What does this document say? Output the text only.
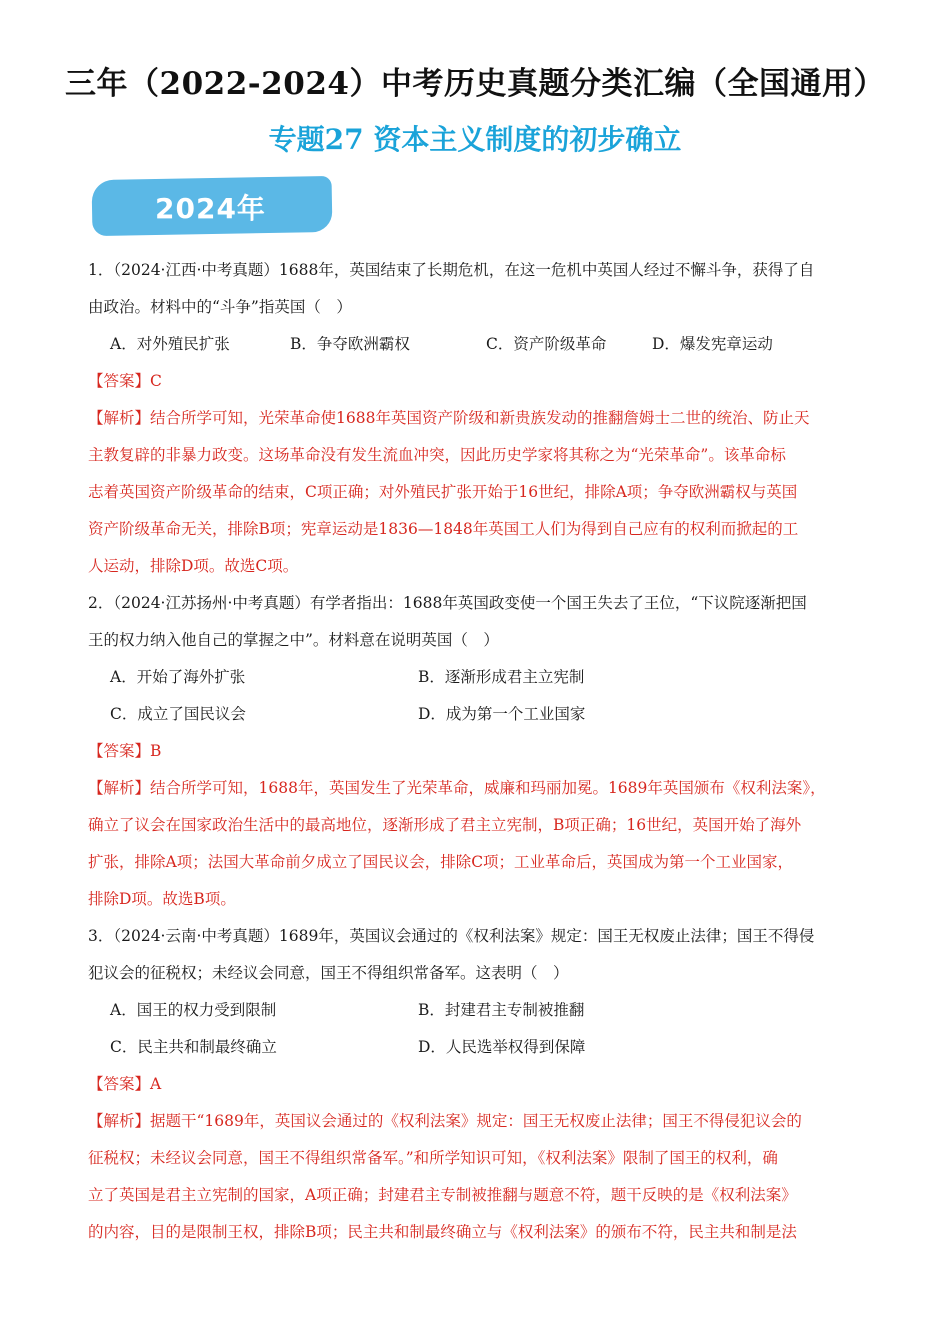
三年（2022-2024）中考历史真题分类汇编（全国通用）
专题27 资本主义制度的初步确立
2024年
1．（2024·江西·中考真题）1688年，英国结束了长期危机，在这一危机中英国人经过不懈斗争，获得了自
由政治。材料中的“斗争”指英国（　）
A．对外殖民扩张	B．争夺欧洲霸权	C．资产阶级革命	D．爆发宪章运动
【答案】C
【解析】结合所学可知，光荣革命使1688年英国资产阶级和新贵族发动的推翻詹姆士二世的统治、防止天
主教复辟的非暴力政变。这场革命没有发生流血冲突，因此历史学家将其称之为“光荣革命”。该革命标
志着英国资产阶级革命的结束，C项正确；对外殖民扩张开始于16世纪，排除A项；争夺欧洲霸权与英国
资产阶级革命无关，排除B项；宪章运动是1836—1848年英国工人们为得到自己应有的权利而掀起的工
人运动，排除D项。故选C项。
2．（2024·江苏扬州·中考真题）有学者指出：1688年英国政变使一个国王失去了王位，“下议院逐渐把国
王的权力纳入他自己的掌握之中”。材料意在说明英国（　）
A．开始了海外扩张	B．逐渐形成君主立宪制
C．成立了国民议会	D．成为第一个工业国家
【答案】B
【解析】结合所学可知，1688年，英国发生了光荣革命，威廉和玛丽加冕。1689年英国颁布《权利法案》，
确立了议会在国家政治生活中的最高地位，逐渐形成了君主立宪制，B项正确；16世纪，英国开始了海外
扩张，排除A项；法国大革命前夕成立了国民议会，排除C项；工业革命后，英国成为第一个工业国家，
排除D项。故选B项。
3．（2024·云南·中考真题）1689年，英国议会通过的《权利法案》规定：国王无权废止法律；国王不得侵
犯议会的征税权；未经议会同意，国王不得组织常备军。这表明（　）
A．国王的权力受到限制	B．封建君主专制被推翻
C．民主共和制最终确立	D．人民选举权得到保障
【答案】A
【解析】据题干“1689年，英国议会通过的《权利法案》规定：国王无权废止法律；国王不得侵犯议会的
征税权；未经议会同意，国王不得组织常备军。”和所学知识可知，《权利法案》限制了国王的权利，确
立了英国是君主立宪制的国家，A项正确；封建君主专制被推翻与题意不符，题干反映的是《权利法案》
的内容，目的是限制王权，排除B项；民主共和制最终确立与《权利法案》的颁布不符，民主共和制是法
